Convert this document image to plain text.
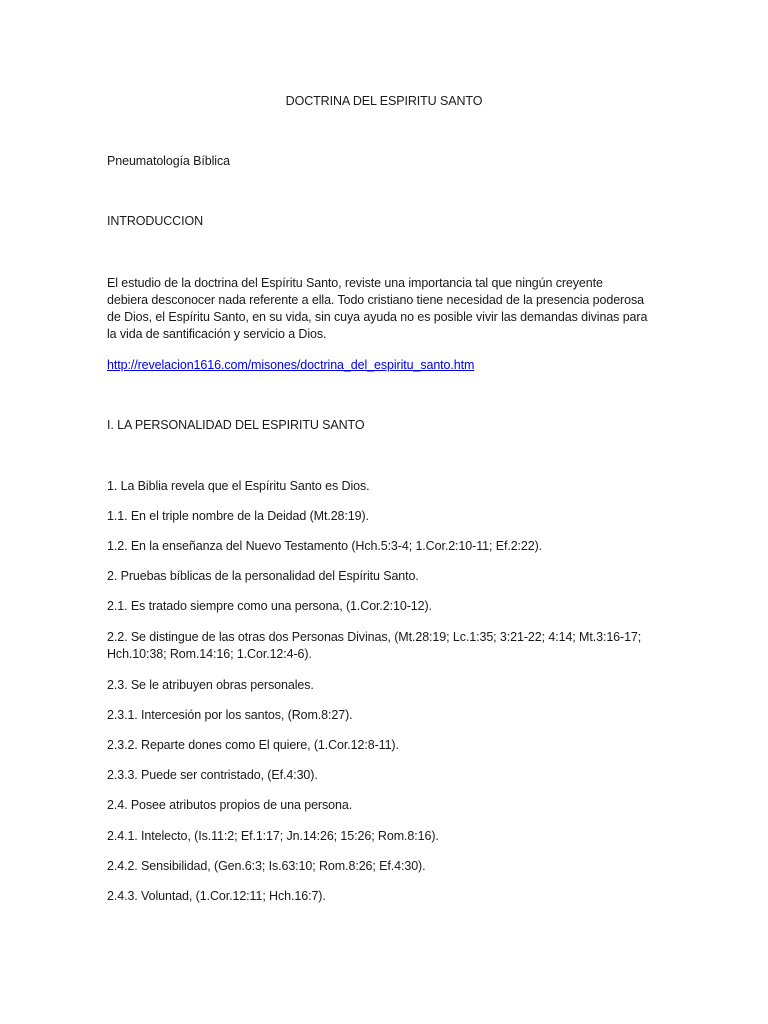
DOCTRINA DEL ESPIRITU SANTO

Pneumatología Bíblica

INTRODUCCION

El estudio de la doctrina del Espíritu Santo, reviste una importancia tal que ningún creyente

debiera desconocer nada referente a ella. Todo cristiano tiene necesidad de la presencia poderosa

de Dios, el Espíritu Santo, en su vida, sin cuya ayuda no es posible vivir las demandas divinas para

la vida de santificación y servicio a Dios.

http://revelacion1616.com/misones/doctrina_del_espiritu_santo.htm

I. LA PERSONALIDAD DEL ESPIRITU SANTO

1. La Biblia revela que el Espíritu Santo es Dios.

1.1. En el triple nombre de la Deidad (Mt.28:19).

1.2. En la enseñanza del Nuevo Testamento (Hch.5:3-4; 1.Cor.2:10-11; Ef.2:22).

2. Pruebas bíblicas de la personalidad del Espíritu Santo.

2.1. Es tratado siempre como una persona, (1.Cor.2:10-12).

2.2. Se distingue de las otras dos Personas Divinas, (Mt.28:19; Lc.1:35; 3:21-22; 4:14; Mt.3:16-17;

Hch.10:38; Rom.14:16; 1.Cor.12:4-6).

2.3. Se le atribuyen obras personales.

2.3.1. Intercesión por los santos, (Rom.8:27).

2.3.2. Reparte dones como El quiere, (1.Cor.12:8-11).

2.3.3. Puede ser contristado, (Ef.4:30).

2.4. Posee atributos propios de una persona.

2.4.1. Intelecto, (Is.11:2; Ef.1:17; Jn.14:26; 15:26; Rom.8:16).

2.4.2. Sensibilidad, (Gen.6:3; Is.63:10; Rom.8:26; Ef.4:30).

2.4.3. Voluntad, (1.Cor.12:11; Hch.16:7).
